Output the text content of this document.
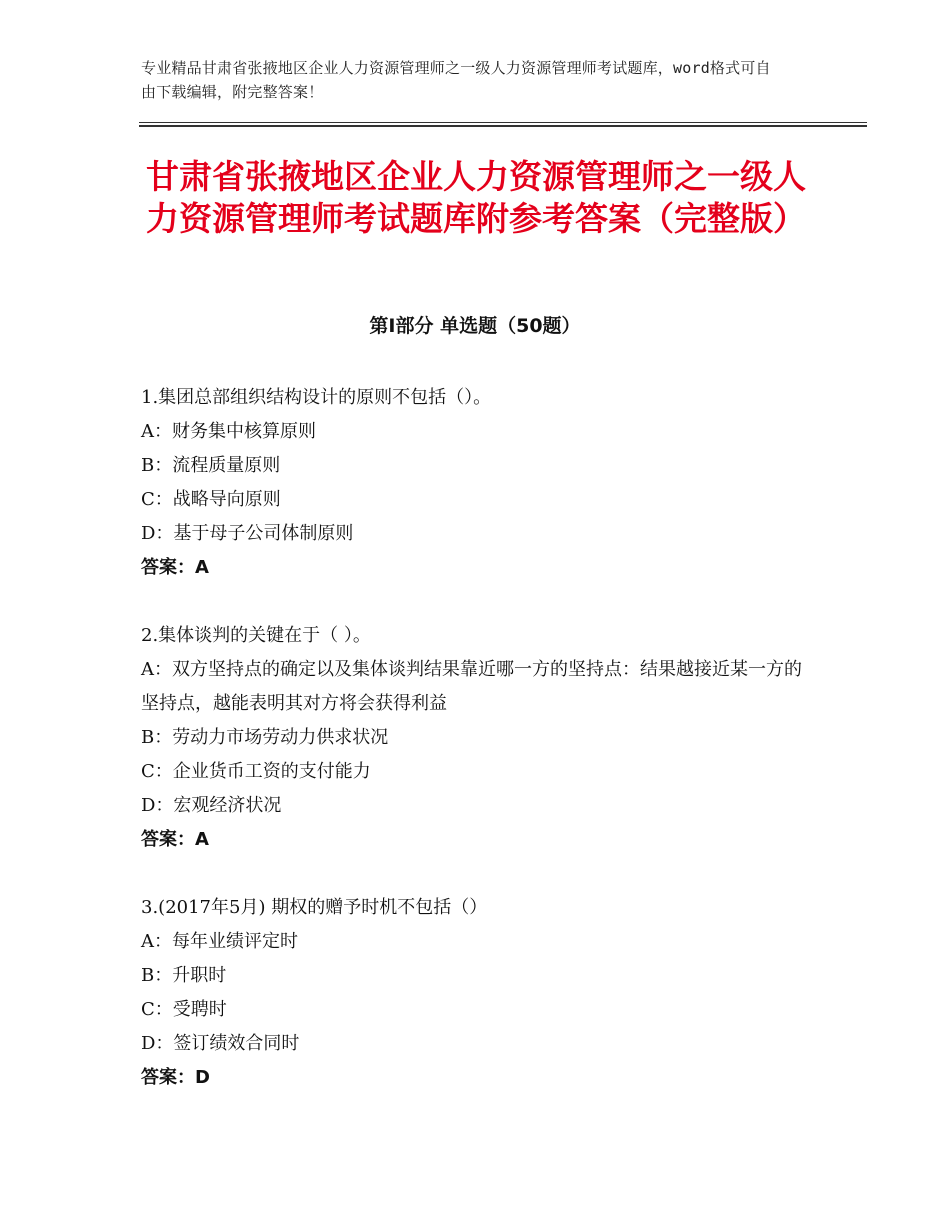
专业精品甘肃省张掖地区企业人力资源管理师之一级人力资源管理师考试题库，word格式可自由下载编辑，附完整答案！
甘肃省张掖地区企业人力资源管理师之一级人力资源管理师考试题库附参考答案（完整版）
第Ⅰ部分 单选题（50题）
1.集团总部组织结构设计的原则不包括（）。
A：财务集中核算原则
B：流程质量原则
C：战略导向原则
D：基于母子公司体制原则
答案：A
2.集体谈判的关键在于（ ）。
A：双方坚持点的确定以及集体谈判结果靠近哪一方的坚持点：结果越接近某一方的坚持点，越能表明其对方将会获得利益
B：劳动力市场劳动力供求状况
C：企业货币工资的支付能力
D：宏观经济状况
答案：A
3.(2017年5月) 期权的赠予时机不包括（）
A：每年业绩评定时
B：升职时
C：受聘时
D：签订绩效合同时
答案：D
